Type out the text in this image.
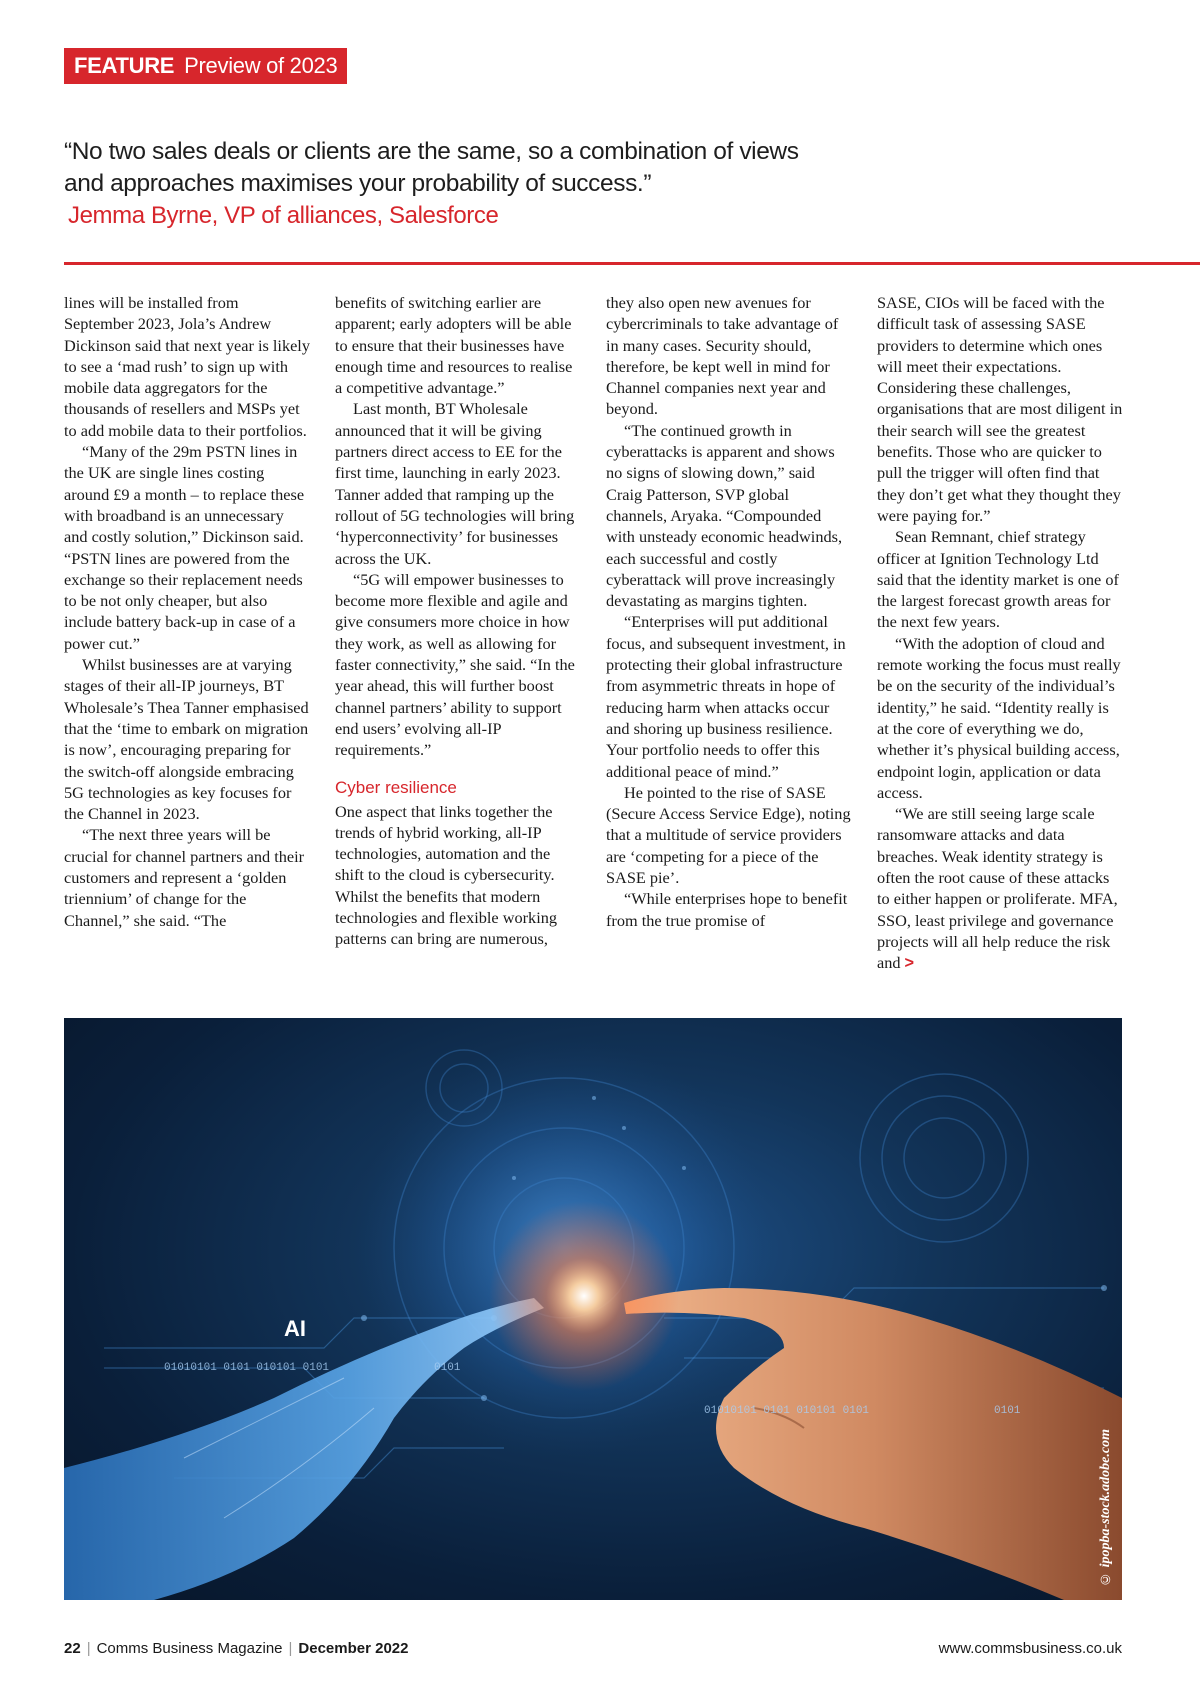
FEATURE Preview of 2023
“No two sales deals or clients are the same, so a combination of views and approaches maximises your probability of success.”
Jemma Byrne, VP of alliances, Salesforce

lines will be installed from September 2023, Jola’s Andrew Dickinson said that next year is likely to see a ‘mad rush’ to sign up with mobile data aggregators for the thousands of resellers and MSPs yet to add mobile data to their portfolios.

“Many of the 29m PSTN lines in the UK are single lines costing around £9 a month – to replace these with broadband is an unnecessary and costly solution,” Dickinson said. “PSTN lines are powered from the exchange so their replacement needs to be not only cheaper, but also include battery back-up in case of a power cut.”

Whilst businesses are at varying stages of their all-IP journeys, BT Wholesale’s Thea Tanner emphasised that the ‘time to embark on migration is now’, encouraging preparing for the switch-off alongside embracing 5G technologies as key focuses for the Channel in 2023.

“The next three years will be crucial for channel partners and their customers and represent a ‘golden triennium’ of change for the Channel,” she said. “The

benefits of switching earlier are apparent; early adopters will be able to ensure that their businesses have enough time and resources to realise a competitive advantage.”

Last month, BT Wholesale announced that it will be giving partners direct access to EE for the first time, launching in early 2023. Tanner added that ramping up the rollout of 5G technologies will bring ‘hyperconnectivity’ for businesses across the UK.

“5G will empower businesses to become more flexible and agile and give consumers more choice in how they work, as well as allowing for faster connectivity,” she said. “In the year ahead, this will further boost channel partners’ ability to support end users’ evolving all-IP requirements.”

Cyber resilience

One aspect that links together the trends of hybrid working, all-IP technologies, automation and the shift to the cloud is cybersecurity. Whilst the benefits that modern technologies and flexible working patterns can bring are numerous,

they also open new avenues for cybercriminals to take advantage of in many cases. Security should, therefore, be kept well in mind for Channel companies next year and beyond.

“The continued growth in cyberattacks is apparent and shows no signs of slowing down,” said Craig Patterson, SVP global channels, Aryaka. “Compounded with unsteady economic headwinds, each successful and costly cyberattack will prove increasingly devastating as margins tighten.

“Enterprises will put additional focus, and subsequent investment, in protecting their global infrastructure from asymmetric threats in hope of reducing harm when attacks occur and shoring up business resilience. Your portfolio needs to offer this additional peace of mind.”

He pointed to the rise of SASE (Secure Access Service Edge), noting that a multitude of service providers are ‘competing for a piece of the SASE pie’.

“While enterprises hope to benefit from the true promise of

SASE, CIOs will be faced with the difficult task of assessing SASE providers to determine which ones will meet their expectations. Considering these challenges, organisations that are most diligent in their search will see the greatest benefits. Those who are quicker to pull the trigger will often find that they don’t get what they thought they were paying for.”

Sean Remnant, chief strategy officer at Ignition Technology Ltd said that the identity market is one of the largest forecast growth areas for the next few years.

“With the adoption of cloud and remote working the focus must really be on the security of the individual’s identity,” he said. “Identity really is at the core of everything we do, whether it’s physical building access, endpoint login, application or data access.

“We are still seeing large scale ransomware attacks and data breaches. Weak identity strategy is often the root cause of these attacks to either happen or proliferate. MFA, SSO, least privilege and governance projects will all help reduce the risk and >

AI
01010101 0101 010101 0101	0101
01010101 0101 010101 0101	0101
© ipopba-stock.adobe.com
22 | Comms Business Magazine | December 2022	www.commsbusiness.co.uk
